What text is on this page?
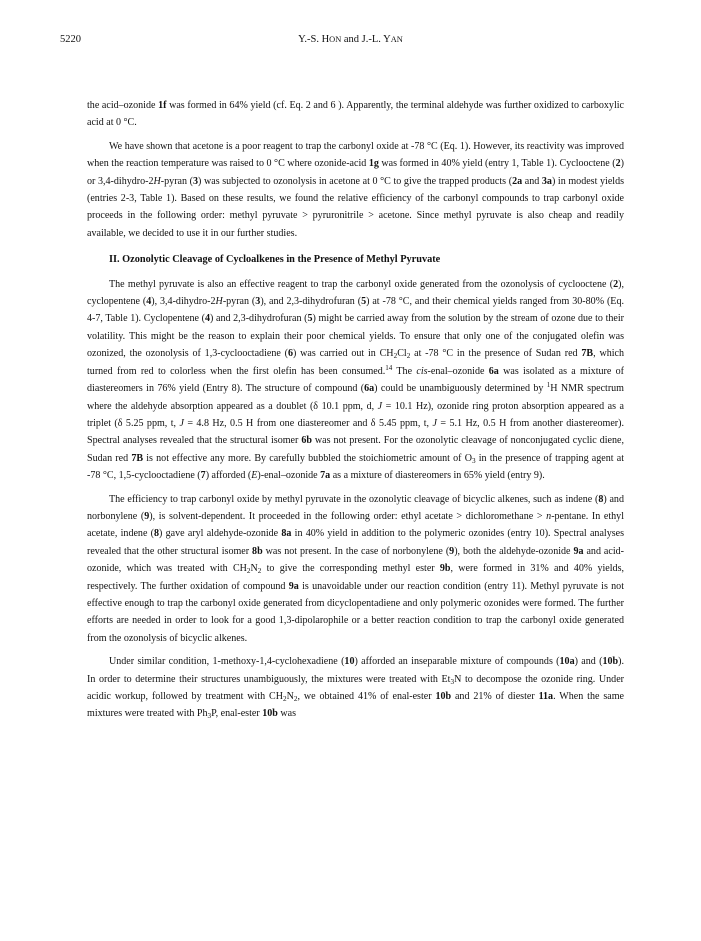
5220	Y.-S. HON and J.-L. YAN

the acid–ozonide 1f was formed in 64% yield (cf. Eq. 2 and 6 ). Apparently, the terminal aldehyde was further oxidized to carboxylic acid at 0 °C.

We have shown that acetone is a poor reagent to trap the carbonyl oxide at -78 °C (Eq. 1). However, its reactivity was improved when the reaction temperature was raised to 0 °C where ozonide-acid 1g was formed in 40% yield (entry 1, Table 1). Cyclooctene (2) or 3,4-dihydro-2H-pyran (3) was subjected to ozonolysis in acetone at 0 °C to give the trapped products (2a and 3a) in modest yields (entries 2-3, Table 1). Based on these results, we found the relative efficiency of the carbonyl compounds to trap carbonyl oxide proceeds in the following order: methyl pyruvate > pyruronitrile > acetone. Since methyl pyruvate is also cheap and readily available, we decided to use it in our further studies.

II. Ozonolytic Cleavage of Cycloalkenes in the Presence of Methyl Pyruvate

The methyl pyruvate is also an effective reagent to trap the carbonyl oxide generated from the ozonolysis of cyclooctene (2), cyclopentene (4), 3,4-dihydro-2H-pyran (3), and 2,3-dihydrofuran (5) at -78 °C, and their chemical yields ranged from 30-80% (Eq. 4-7, Table 1). Cyclopentene (4) and 2,3-dihydrofuran (5) might be carried away from the solution by the stream of ozone due to their volatility. This might be the reason to explain their poor chemical yields. To ensure that only one of the conjugated olefin was ozonized, the ozonolysis of 1,3-cyclooctadiene (6) was carried out in $CH_2Cl_2$ at -78 °C in the presence of Sudan red 7B, which turned from red to colorless when the first olefin has been consumed.$^{14}$ The cis-enal–ozonide 6a was isolated as a mixture of diastereomers in 76% yield (Entry 8). The structure of compound (6a) could be unambiguously determined by $^1$H NMR spectrum where the aldehyde absorption appeared as a doublet (δ 10.1 ppm, d, J = 10.1 Hz), ozonide ring proton absorption appeared as a triplet (δ 5.25 ppm, t, J = 4.8 Hz, 0.5 H from one diastereomer and δ 5.45 ppm, t, J = 5.1 Hz, 0.5 H from another diastereomer). Spectral analyses revealed that the structural isomer 6b was not present. For the ozonolytic cleavage of nonconjugated cyclic diene, Sudan red 7B is not effective any more. By carefully bubbled the stoichiometric amount of $O_3$ in the presence of trapping agent at -78 °C, 1,5-cyclooctadiene (7) afforded (E)-enal–ozonide 7a as a mixture of diastereomers in 65% yield (entry 9).

The efficiency to trap carbonyl oxide by methyl pyruvate in the ozonolytic cleavage of bicyclic alkenes, such as indene (8) and norbonylene (9), is solvent-dependent. It proceeded in the following order: ethyl acetate > dichloromethane > n-pentane. In ethyl acetate, indene (8) gave aryl aldehyde-ozonide 8a in 40% yield in addition to the polymeric ozonides (entry 10). Spectral analyses revealed that the other structural isomer 8b was not present. In the case of norbonylene (9), both the aldehyde-ozonide 9a and acid-ozonide, which was treated with $CH_2N_2$ to give the corresponding methyl ester 9b, were formed in 31% and 40% yields, respectively. The further oxidation of compound 9a is unavoidable under our reaction condition (entry 11). Methyl pyruvate is not effective enough to trap the carbonyl oxide generated from dicyclopentadiene and only polymeric ozonides were formed. The further efforts are needed in order to look for a good 1,3-dipolarophile or a better reaction condition to trap the carbonyl oxide generated from the ozonolysis of bicyclic alkenes.

Under similar condition, 1-methoxy-1,4-cyclohexadiene (10) afforded an inseparable mixture of compounds (10a) and (10b). In order to determine their structures unambiguously, the mixtures were treated with $Et_3N$ to decompose the ozonide ring. Under acidic workup, followed by treatment with $CH_2N_2$, we obtained 41% of enal-ester 10b and 21% of diester 11a. When the same mixtures were treated with $Ph_3P$, enal-ester 10b was
